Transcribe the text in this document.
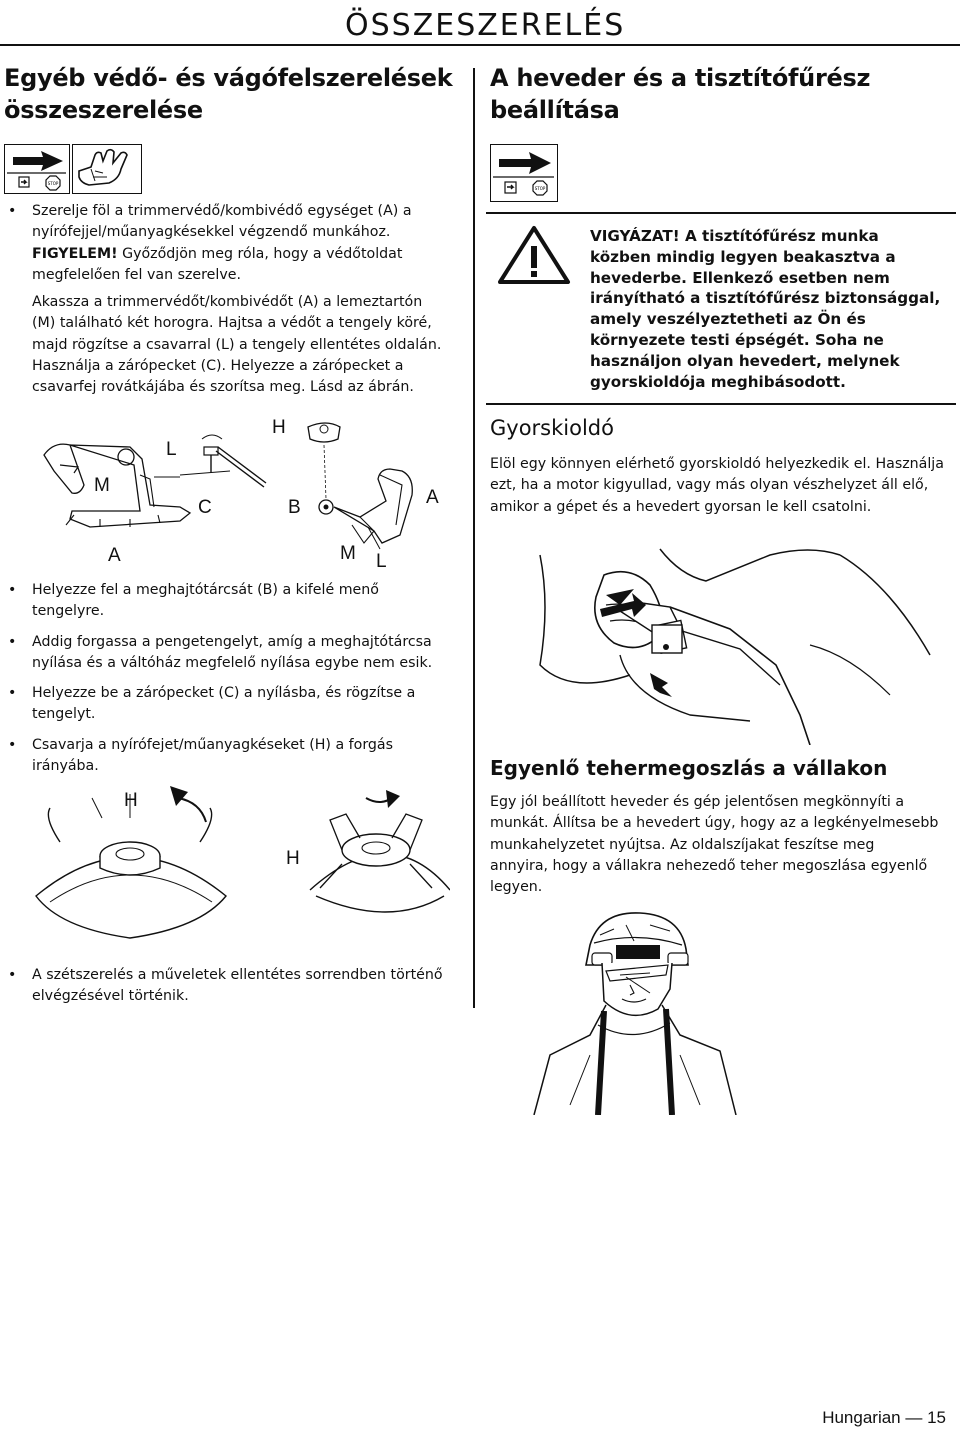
ÖSSZESZERELÉS
Egyéb védő- és vágófelszerelések
összeszerelése
STOP
• Szerelje föl a trimmervédő/kombivédő egységet (A) a
nyírófejjel/műanyagkésekkel végzendő munkához.
FIGYELEM! Győződjön meg róla, hogy a védőtoldat
megfelelően fel van szerelve.
Akassza a trimmervédőt/kombivédőt (A) a lemeztartón
(M) található két horogra. Hajtsa a védőt a tengely köré,
majd rögzítse a csavarral (L) a tengely ellentétes oldalán.
Használja a zárópecket (C). Helyezze a zárópecket a
csavarfej rovátkájába és szorítsa meg. Lásd az ábrán.
H
L
M
C	B	A
A	M L
• Helyezze fel a meghajtótárcsát (B) a kifelé menő
tengelyre.
• Addig forgassa a pengetengelyt, amíg a meghajtótárcsa
nyílása és a váltóház megfelelő nyílása egybe nem esik.
• Helyezze be a zárópecket (C) a nyílásba, és rögzítse a
tengelyt.
• Csavarja a nyírófejet/műanyagkéseket (H) a forgás
irányába.
H
H
• A szétszerelés a műveletek ellentétes sorrendben történő
elvégzésével történik.
A heveder és a tisztítófűrész
beállítása
STOP
VIGYÁZAT! A tisztítófűrész munka
közben mindig legyen beakasztva a
hevederbe. Ellenkező esetben nem
irányítható a tisztítófűrész biztonsággal,
amely veszélyeztetheti az Ön és
környezete testi épségét. Soha ne
használjon olyan hevedert, melynek
gyorskioldója meghibásodott.
Gyorskioldó
Elöl egy könnyen elérhető gyorskioldó helyezkedik el. Használja
ezt, ha a motor kigyullad, vagy más olyan vészhelyzet áll elő,
amikor a gépet és a hevedert gyorsan le kell csatolni.
Egyenlő tehermegoszlás a vállakon
Egy jól beállított heveder és gép jelentősen megkönnyíti a
munkát. Állítsa be a hevedert úgy, hogy az a legkényelmesebb
munkahelyzetet nyújtsa. Az oldalszíjakat feszítse meg
annyira, hogy a vállakra nehezedő teher megoszlása egyenlő
legyen.
Hungarian — 15
